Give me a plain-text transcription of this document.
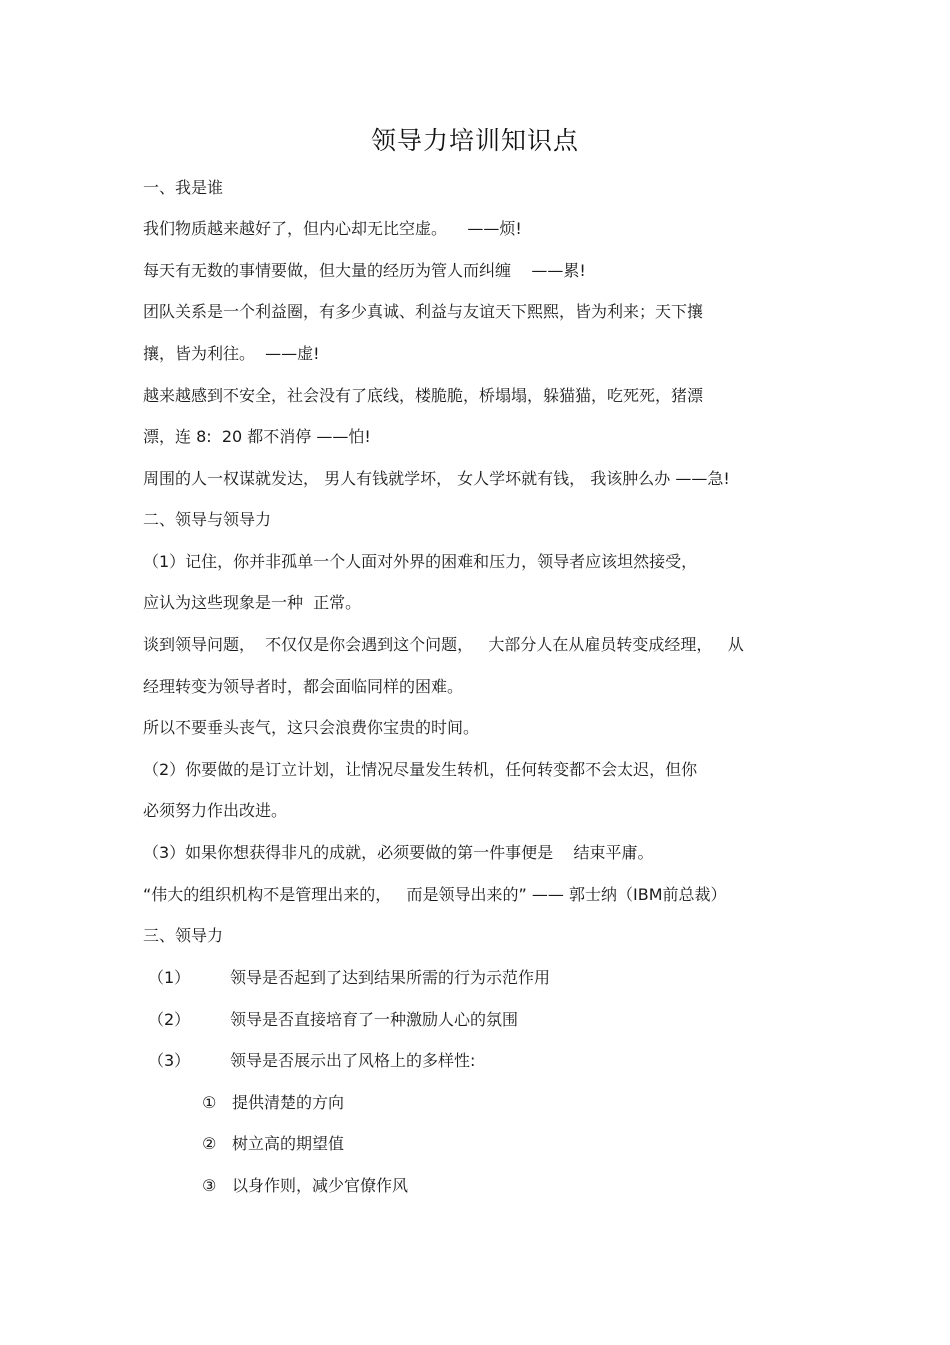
领导力培训知识点
一、我是谁
我们物质越来越好了，但内心却无比空虚。    ——烦!
每天有无数的事情要做，但大量的经历为管人而纠缠    ——累!
团队关系是一个利益圈，有多少真诚、利益与友谊天下熙熙，皆为利来；天下攘
攘，皆为利往。  ——虚!
越来越感到不安全，社会没有了底线，楼脆脆，桥塌塌，躲猫猫，吃死死，猪漂
漂，连 8:  20 都不消停 ——怕!
周围的人一权谋就发达， 男人有钱就学坏， 女人学坏就有钱， 我该肿么办 ——急!
二、领导与领导力
（1）记住，你并非孤单一个人面对外界的困难和压力，领导者应该坦然接受，
应认为这些现象是一种  正常。
谈到领导问题，  不仅仅是你会遇到这个问题，   大部分人在从雇员转变成经理，   从
经理转变为领导者时，都会面临同样的困难。
所以不要垂头丧气，这只会浪费你宝贵的时间。
（2）你要做的是订立计划，让情况尽量发生转机，任何转变都不会太迟，但你
必须努力作出改进。
（3）如果你想获得非凡的成就，必须要做的第一件事便是    结束平庸。
“伟大的组织机构不是管理出来的，   而是领导出来的” —— 郭士纳（IBM前总裁）
三、领导力
（1） 领导是否起到了达到结果所需的行为示范作用
（2） 领导是否直接培育了一种激励人心的氛围
（3） 领导是否展示出了风格上的多样性:
① 提供清楚的方向
② 树立高的期望值
③ 以身作则，减少官僚作风
